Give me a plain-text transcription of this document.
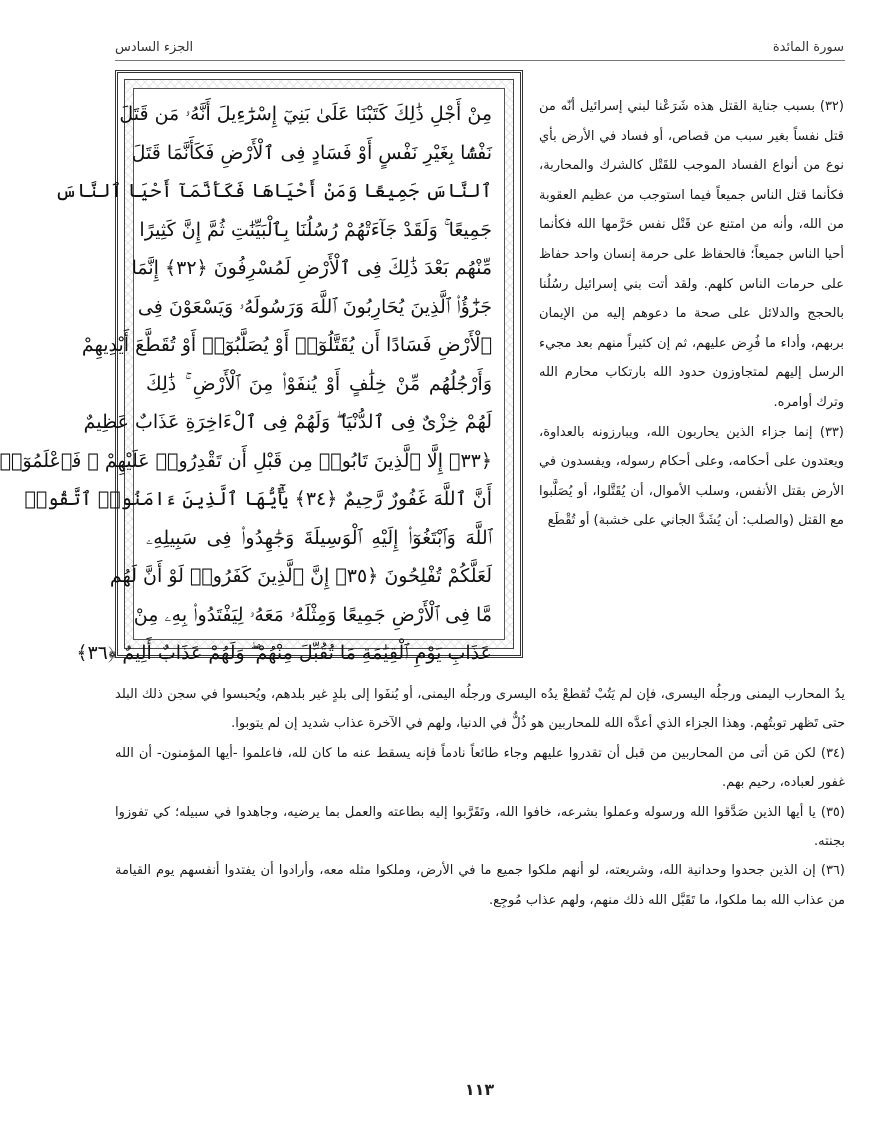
سورة المائدة
الجزء السادس
مِنْ أَجْلِ ذَٰلِكَ كَتَبْنَا عَلَىٰ بَنِيٓ إِسْرَٰٓءِيلَ أَنَّهُۥ مَن قَتَلَ
نَفْسًۢا بِغَيْرِ نَفْسٍ أَوْ فَسَادٍ فِى ٱلْأَرْضِ فَكَأَنَّمَا قَتَلَ
ٱلنَّاسَ جَمِيعًا وَمَنْ أَحْيَاهَا فَكَأَنَّمَآ أَحْيَا ٱلنَّاسَ
جَمِيعًا ۚ وَلَقَدْ جَآءَتْهُمْ رُسُلُنَا بِٱلْبَيِّنَٰتِ ثُمَّ إِنَّ كَثِيرًا
مِّنْهُم بَعْدَ ذَٰلِكَ فِى ٱلْأَرْضِ لَمُسْرِفُونَ ﴿٣٢﴾ إِنَّمَا
جَزَٰٓؤُا۟ ٱلَّذِينَ يُحَارِبُونَ ٱللَّهَ وَرَسُولَهُۥ وَيَسْعَوْنَ فِى
ٱلْأَرْضِ فَسَادًا أَن يُقَتَّلُوٓا۟ أَوْ يُصَلَّبُوٓا۟ أَوْ تُقَطَّعَ أَيْدِيهِمْ
وَأَرْجُلُهُم مِّنْ خِلَٰفٍ أَوْ يُنفَوْا۟ مِنَ ٱلْأَرْضِ ۚ ذَٰلِكَ
لَهُمْ خِزْىٌ فِى ٱلدُّنْيَا ۖ وَلَهُمْ فِى ٱلْءَاخِرَةِ عَذَابٌ عَظِيمٌ
﴿٣٣﴾ إِلَّا ٱلَّذِينَ تَابُوا۟ مِن قَبْلِ أَن تَقْدِرُوا۟ عَلَيْهِمْ ۖ فَٱعْلَمُوٓا۟
أَنَّ ٱللَّهَ غَفُورٌ رَّحِيمٌ ﴿٣٤﴾ يَٰٓأَيُّهَا ٱلَّذِينَ ءَامَنُوا۟ ٱتَّقُوا۟
ٱللَّهَ وَٱبْتَغُوٓا۟ إِلَيْهِ ٱلْوَسِيلَةَ وَجَٰهِدُوا۟ فِى سَبِيلِهِۦ
لَعَلَّكُمْ تُفْلِحُونَ ﴿٣٥﴾ إِنَّ ٱلَّذِينَ كَفَرُوا۟ لَوْ أَنَّ لَهُم
مَّا فِى ٱلْأَرْضِ جَمِيعًا وَمِثْلَهُۥ مَعَهُۥ لِيَفْتَدُوا۟ بِهِۦ مِنْ
عَذَابِ يَوْمِ ٱلْقِيَٰمَةِ مَا تُقُبِّلَ مِنْهُمْ ۖ وَلَهُمْ عَذَابٌ أَلِيمٌ ﴿٣٦﴾

(٣٢) بسبب جناية القتل هذه شَرَعْنا لبني إسرائيل أنّه من قتل نفساً بغير سبب من قصاص، أو فساد في الأرض بأي نوع من أنواع الفساد الموجب للقَتْل كالشرك والمحاربة، فكأنما قتل الناس جميعاً فيما استوجب من عظيم العقوبة من الله، وأنه من امتنع عن قَتْل نفس حَرَّمها الله فكأنما أحيا الناس جميعاً؛ فالحفاظ على حرمة إنسان واحد حفاظ على حرمات الناس كلهم. ولقد أتت بني إسرائيل رسُلُنا بالحجج والدلائل على صحة ما دعوهم إليه من الإيمان بربهم، وأداء ما فُرِض عليهم، ثم إن كثيراً منهم بعد مجيء الرسل إليهم لمتجاوزون حدود الله بارتكاب محارم الله وترك أوامره.

(٣٣) إنما جزاء الذين يحاربون الله، ويبارزونه بالعداوة، ويعتدون على أحكامه، وعلى أحكام رسوله، ويفسدون في الأرض بقتل الأنفس، وسلب الأموال، أن يُقَتَّلوا، أو يُصَلَّبوا مع القتل (والصلب: أن يُشَدَّ الجاني على خشبة) أو تُقْطَع

يدُ المحارب اليمنى ورجلُه اليسرى، فإن لم يَتُبْ تُقطعْ يدُه اليسرى ورجلُه اليمنى، أو يُنفَوا إلى بلدٍ غير بلدهم، ويُحبسوا في سجن ذلك البلد حتى تَظهر توبتُهم. وهذا الجزاء الذي أعدَّه الله للمحاربين هو ذُلٌّ في الدنيا، ولهم في الآخرة عذاب شديد إن لم يتوبوا.

(٣٤) لكن مَن أتى من المحاربين من قبل أن تقدروا عليهم وجاء طائعاً نادماً فإنه يسقط عنه ما كان لله، فاعلموا -أيها المؤمنون- أن الله غفور لعباده، رحيم بهم.

(٣٥) يا أيها الذين صَدَّقوا الله ورسوله وعملوا بشرعه، خافوا الله، وتَقَرَّبوا إليه بطاعته والعمل بما يرضيه، وجاهدوا في سبيله؛ كي تفوزوا بجنته.

(٣٦) إن الذين جحدوا وحدانية الله، وشريعته، لو أنهم ملكوا جميع ما في الأرض، وملكوا مثله معه، وأرادوا أن يفتدوا أنفسهم يوم القيامة من عذاب الله بما ملكوا، ما تَقَبَّل الله ذلك منهم، ولهم عذاب مُوجِع.

١١٣
